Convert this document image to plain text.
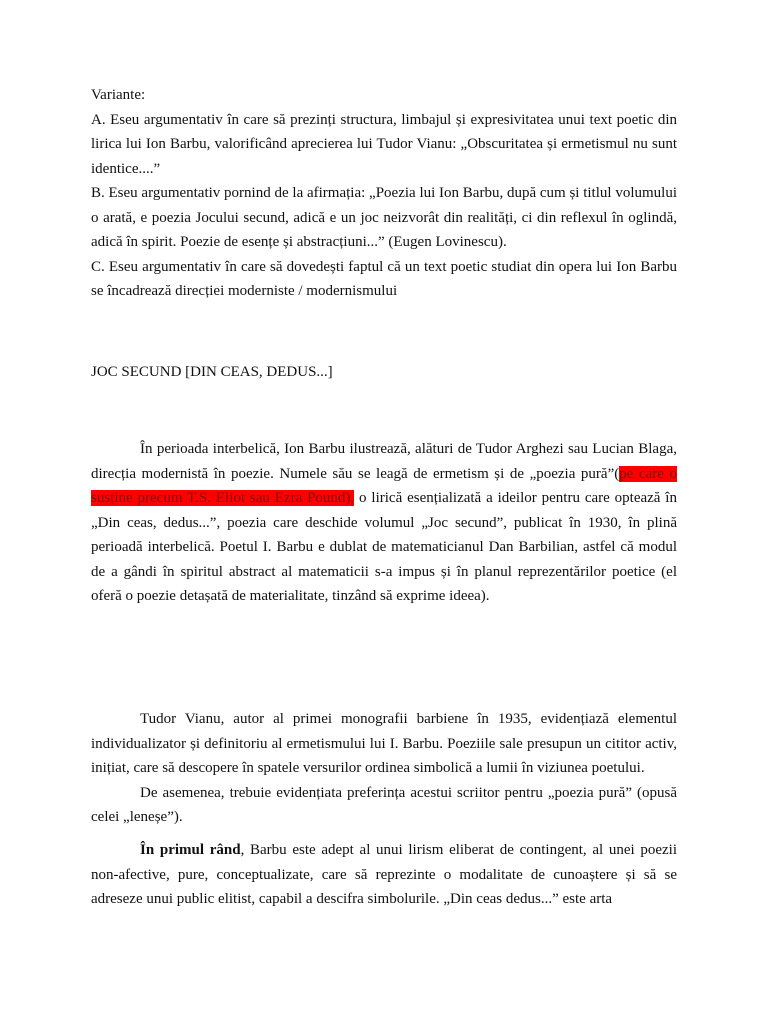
Variante:

A. Eseu argumentativ în care să prezinți structura, limbajul și expresivitatea unui text poetic din lirica lui Ion Barbu, valorificând aprecierea lui Tudor Vianu: „Obscuritatea și ermetismul nu sunt identice....”

B. Eseu argumentativ pornind de la afirmația: „Poezia lui Ion Barbu, după cum și titlul volumului o arată, e poezia Jocului secund, adică e un joc neizvorât din realități, ci din reflexul în oglindă, adică în spirit. Poezie de esențe și abstracțiuni...” (Eugen Lovinescu).

C. Eseu argumentativ în care să dovedești faptul că un text poetic studiat din opera lui Ion Barbu se încadrează direcției moderniste / modernismului

JOC SECUND [DIN CEAS, DEDUS...]

În perioada interbelică, Ion Barbu ilustrează, alături de Tudor Arghezi sau Lucian Blaga, direcția modernistă în poezie. Numele său se leagă de ermetism și de „poezia pură”(pe care o susține precum T.S. Eliot sau Ezra Pound), o lirică esențializată a ideilor pentru care optează în „Din ceas, dedus...”, poezia care deschide volumul „Joc secund”, publicat în 1930, în plină perioadă interbelică. Poetul I. Barbu e dublat de matematicianul Dan Barbilian, astfel că modul de a gândi în spiritul abstract al matematicii s-a impus și în planul reprezentărilor poetice (el oferă o poezie detașată de materialitate, tinzând să exprime ideea).

Tudor Vianu, autor al primei monografii barbiene în 1935, evidențiază elementul individualizator și definitoriu al ermetismului lui I. Barbu. Poeziile sale presupun un cititor activ, inițiat, care să descopere în spatele versurilor ordinea simbolică a lumii în viziunea poetului.

De asemenea, trebuie evidențiata preferința acestui scriitor pentru „poezia pură” (opusă celei „leneșe”).

În primul rând, Barbu este adept al unui lirism eliberat de contingent, al unei poezii non-afective, pure, conceptualizate, care să reprezinte o modalitate de cunoaștere și să se adreseze unui public elitist, capabil a descifra simbolurile. „Din ceas dedus...” este arta
